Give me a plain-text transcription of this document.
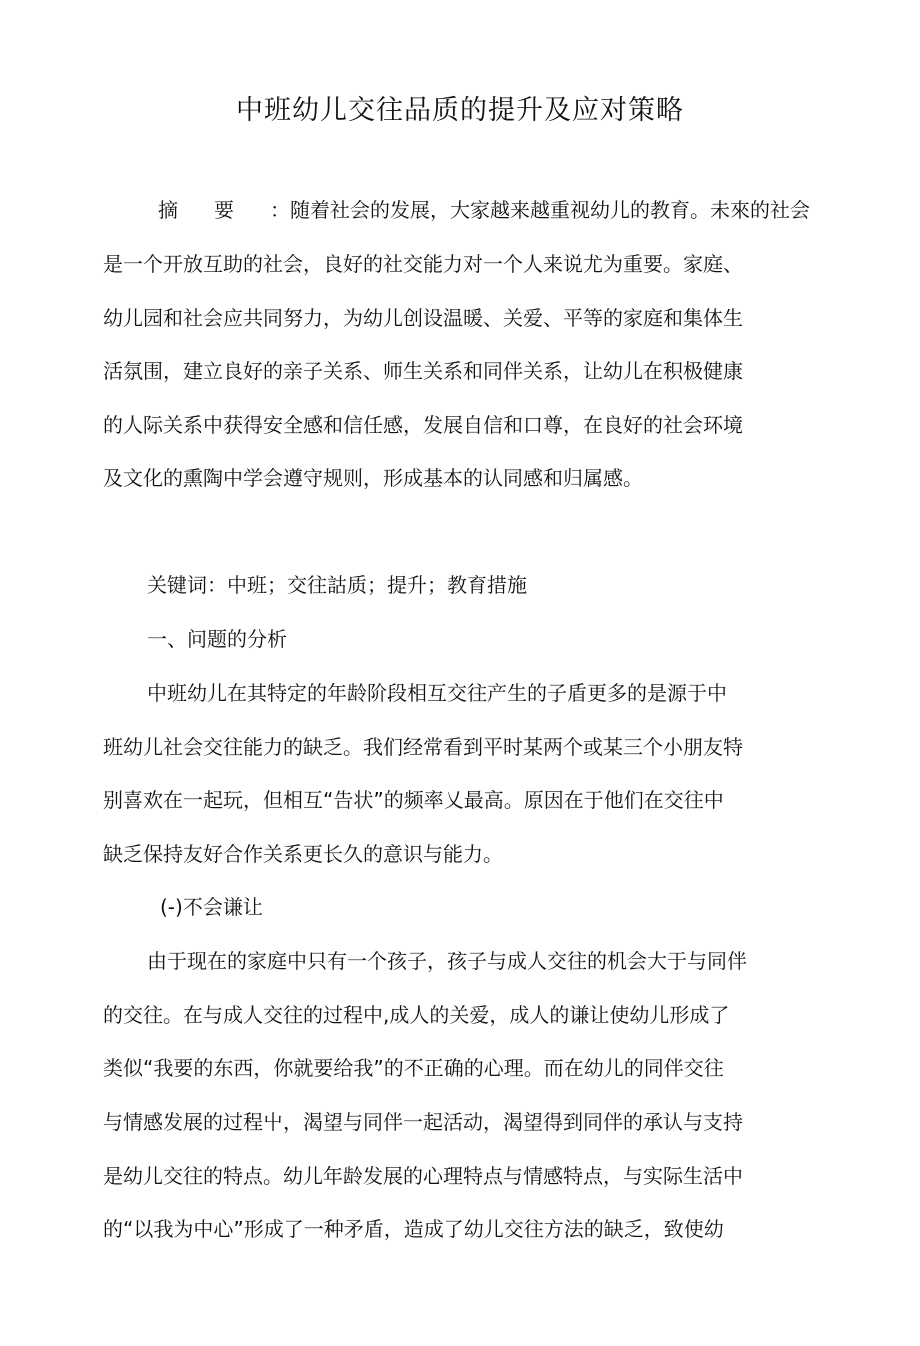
中班幼儿交往品质的提升及应对策略
摘要：随着社会的发展，大家越来越重视幼儿的教育。未來的社会
是一个开放互助的社会，良好的社交能力对一个人来说尤为重要。家庭、
幼儿园和社会应共同努力，为幼儿创设温暖、关爱、平等的家庭和集体生
活氛围，建立良好的亲子关系、师生关系和同伴关系，让幼儿在积极健康
的人际关系中获得安全感和信任感，发展自信和口尊，在良好的社会环境
及文化的熏陶中学会遵守规则，形成基本的认同感和归属感。
关键词：中班；交往詁质；提升；教育措施
一、问题的分析
中班幼儿在其特定的年龄阶段相互交往产生的子盾更多的是源于中
班幼儿社会交往能力的缺乏。我们经常看到平时某两个或某三个小朋友特
别喜欢在一起玩，但相互“告状”的频率乂最高。原因在于他们在交往中
缺乏保持友好合作关系更长久的意识与能力。
(-)不会谦让
由于现在的家庭中只有一个孩子，孩子与成人交往的机会大于与同伴
的交往。在与成人交往的过程中,成人的关爱，成人的谦让使幼儿形成了
类似“我要的东西，你就要给我”的不正确的心理。而在幼儿的同伴交往
与情感发展的过程屮，渴望与同伴一起活动，渴望得到同伴的承认与支持
是幼儿交往的特点。幼儿年龄发展的心理特点与情感特点，与实际生活中
的“以我为中心”形成了一种矛盾，造成了幼儿交往方法的缺乏，致使幼
